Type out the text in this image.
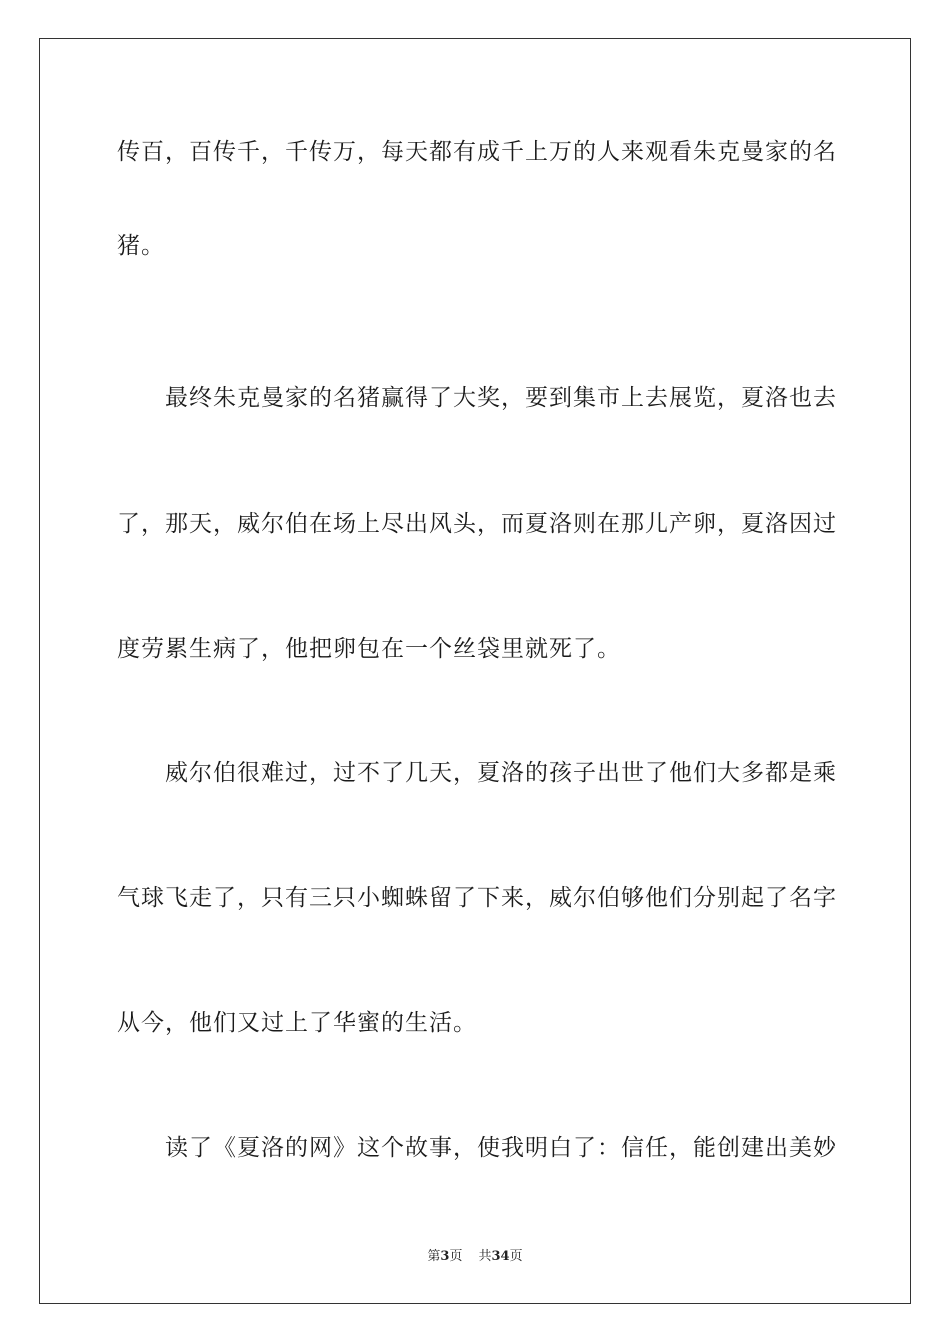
传百，百传千，千传万，每天都有成千上万的人来观看朱克曼家的名
猪。
最终朱克曼家的名猪赢得了大奖，要到集市上去展览，夏洛也去
了，那天，威尔伯在场上尽出风头，而夏洛则在那儿产卵，夏洛因过
度劳累生病了，他把卵包在一个丝袋里就死了。
威尔伯很难过，过不了几天，夏洛的孩子出世了他们大多都是乘
气球飞走了，只有三只小蜘蛛留了下来，威尔伯够他们分别起了名字
从今，他们又过上了华蜜的生活。
读了《夏洛的网》这个故事，使我明白了：信任，能创建出美妙
第3页 共34页
